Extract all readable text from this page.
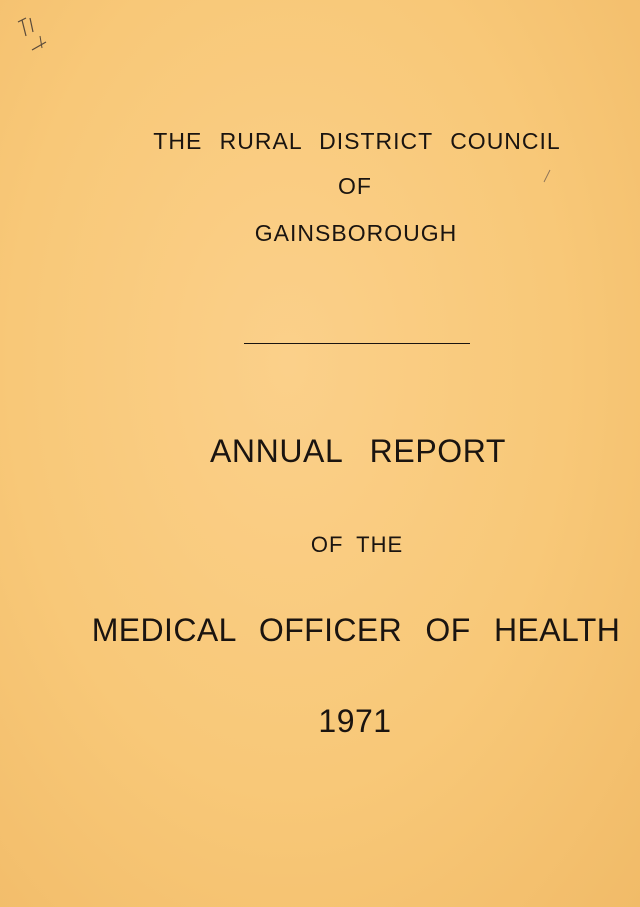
THE RURAL DISTRICT COUNCIL
OF
GAINSBOROUGH
ANNUAL REPORT
OF THE
MEDICAL OFFICER OF HEALTH
1971
